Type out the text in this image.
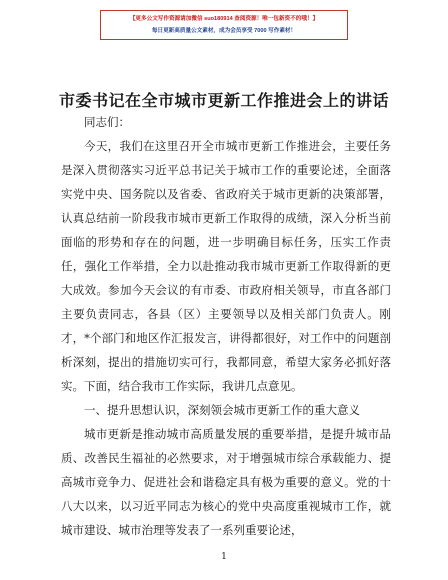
【更多公文写作资源请加微信 suo180914 查阅资源！唯一包新资不的哦！】
每日更新高质量公文素材，成为会员享受 7000 写作素材！
市委书记在全市城市更新工作推进会上的讲话

同志们：

今天，我们在这里召开全市城市更新工作推进会，主要任务是深入贯彻落实习近平总书记关于城市工作的重要论述，全面落实党中央、国务院以及省委、省政府关于城市更新的决策部署，认真总结前一阶段我市城市更新工作取得的成绩，深入分析当前面临的形势和存在的问题，进一步明确目标任务，压实工作责任，强化工作举措，全力以赴推动我市城市更新工作取得新的更大成效。参加今天会议的有市委、市政府相关领导，市直各部门主要负责同志，各县（区）主要领导以及相关部门负责人。刚才，*个部门和地区作汇报发言，讲得都很好，对工作中的问题剖析深刻，提出的措施切实可行，我都同意，希望大家务必抓好落实。下面，结合我市工作实际，我讲几点意见。

一、提升思想认识，深刻领会城市更新工作的重大意义

城市更新是推动城市高质量发展的重要举措，是提升城市品质、改善民生福祉的必然要求，对于增强城市综合承载能力、提高城市竞争力、促进社会和谐稳定具有极为重要的意义。党的十八大以来，以习近平同志为核心的党中央高度重视城市工作，就城市建设、城市治理等发表了一系列重要论述，

1
